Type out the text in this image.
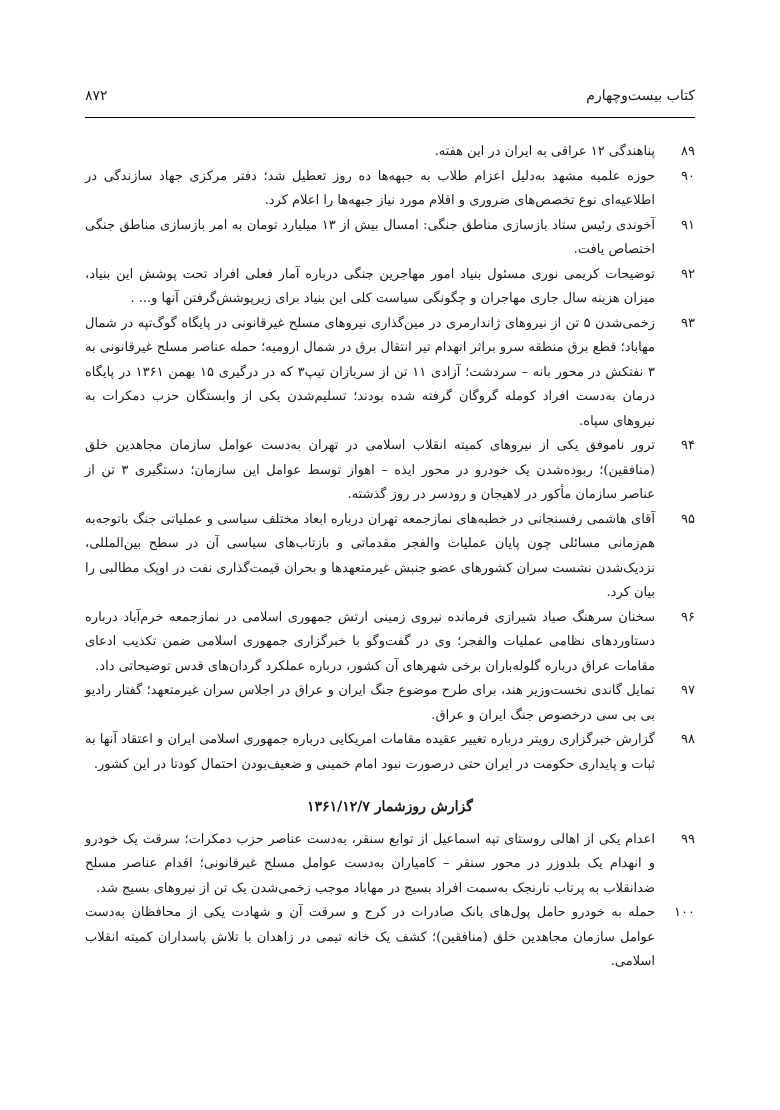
کتاب بیست‌وچهارم
۸۷۲
۸۹
پناهندگی ۱۲ عراقی به ایران در این هفته.
۹۰
حوزه علمیه مشهد به‌دلیل اعزام طلاب به جبهه‌ها ده روز تعطیل شد؛ دفتر مرکزی جهاد سازندگی در اطلاعیه‌ای نوع تخصص‌های ضروری و اقلام مورد نیاز جبهه‌ها را اعلام کرد.
۹۱
آخوندی رئیس ستاد بازسازی مناطق جنگی: امسال بیش از ۱۳ میلیارد تومان به امر بازسازی مناطق جنگی اختصاص یافت.
۹۲
توضیحات کریمی نوری مسئول بنیاد امور مهاجرین جنگی درباره آمار فعلی افراد تحت پوشش این بنیاد، میزان هزینه سال جاری مهاجران و چگونگی سیاست کلی این بنیاد برای زیرپوشش‌گرفتن آنها و... .
۹۳
زخمی‌شدن ۵ تن از نیروهای ژاندارمری در مین‌گذاری نیروهای مسلح غیرقانونی در پایگاه گوگ‌تپه در شمال مهاباد؛ قطع برق منطقه سرو براثر انهدام تیر انتقال برق در شمال ارومیه؛ حمله عناصر مسلح غیرقانونی به ۳ نفتکش در محور بانه – سردشت؛ آزادی ۱۱ تن از سربازان تیپ۳ که در درگیری ۱۵ بهمن ۱۳۶۱ در پایگاه درمان به‌دست افراد کومله گروگان گرفته شده بودند؛ تسلیم‌شدن یکی از وابستگان حزب دمکرات به نیروهای سپاه.
۹۴
ترور ناموفق یکی از نیروهای کمیته انقلاب اسلامی در تهران به‌دست عوامل سازمان مجاهدین خلق (منافقین)؛ ربوده‌شدن یک خودرو در محور ایذه – اهواز توسط عوامل این سازمان؛ دستگیری ۳ تن از عناصر سازمان مأکور در لاهیجان و رودسر در روز گذشته.
۹۵
آقای هاشمی رفسنجانی در خطبه‌های نمازجمعه تهران درباره ابعاد مختلف سیاسی و عملیاتی جنگ باتوجه‌به هم‌زمانی مسائلی چون پایان عملیات والفجر مقدماتی و بازتاب‌های سیاسی آن در سطح بین‌المللی، نزدیک‌شدن نشست سران کشورهای عضو جنبش غیرمتعهدها و بحران قیمت‌گذاری نفت در اوپک مطالبی را بیان کرد.
۹۶
سخنان سرهنگ صیاد شیرازی فرمانده نیروی زمینی ارتش جمهوری اسلامی در نمازجمعه خرم‌آباد درباره دستاوردهای نظامی عملیات والفجر؛ وی در گفت‌وگو با خبرگزاری جمهوری اسلامی ضمن تکذیب ادعای مقامات عراق درباره گلوله‌باران برخی شهرهای آن کشور، درباره عملکرد گردان‌های قدس توضیحاتی داد.
۹۷
تمایل گاندی نخست‌وزیر هند، برای طرح موضوع جنگ ایران و عراق در اجلاس سران غیرمتعهد؛ گفتار رادیو بی بی سی درخصوص جنگ ایران و عراق.
۹۸
گزارش خبرگزاری رویتر درباره تغییر عقیده مقامات امریکایی درباره جمهوری اسلامی ایران و اعتقاد آنها به ثبات و پایداری حکومت در ایران حتی درصورت نبود امام خمینی و ضعیف‌بودن احتمال کودتا در این کشور.
گزارش روزشمار ۱۳۶۱/۱۲/۷
۹۹
اعدام یکی از اهالی روستای تپه اسماعیل از توابع سنقر، به‌دست عناصر حزب دمکرات؛ سرقت یک خودرو و انهدام یک بلدوزر در محور سنقر – کامیاران به‌دست عوامل مسلح غیرقانونی؛ اقدام عناصر مسلح ضدانقلاب به پرتاب نارنجک به‌سمت افراد بسیج در مهاباد موجب زخمی‌شدن یک تن از نیروهای بسیج شد.
۱۰۰
حمله به خودرو حامل پول‌های بانک صادرات در کرج و سرقت آن و شهادت یکی از محافظان به‌دست عوامل سازمان مجاهدین خلق (منافقین)؛ کشف یک خانه تیمی در زاهدان با تلاش پاسداران کمیته انقلاب اسلامی.
